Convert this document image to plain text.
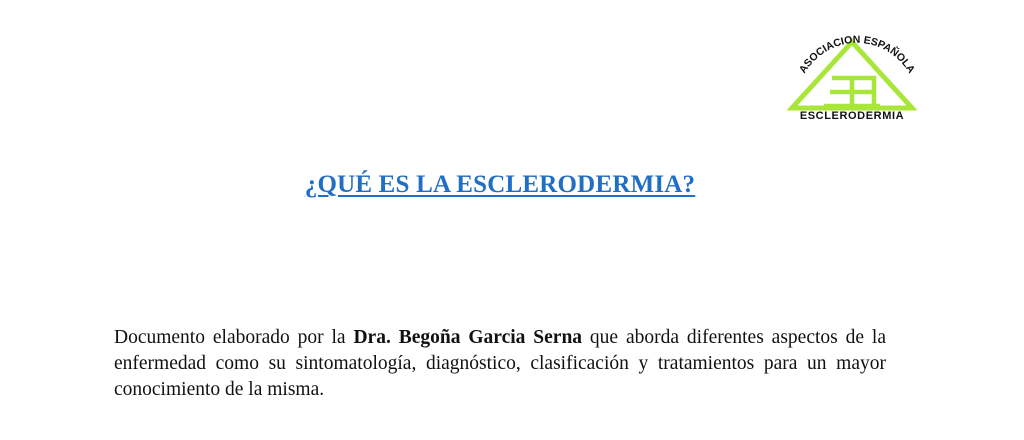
ASOCIACION ESPAÑOLA
ESCLERODERMIA
¿QUÉ ES LA ESCLERODERMIA?

Documento elaborado por la Dra. Begoña Garcia Serna que aborda diferentes aspectos de la enfermedad como su sintomatología, diagnóstico, clasificación y tratamientos para un mayor conocimiento de la misma.
